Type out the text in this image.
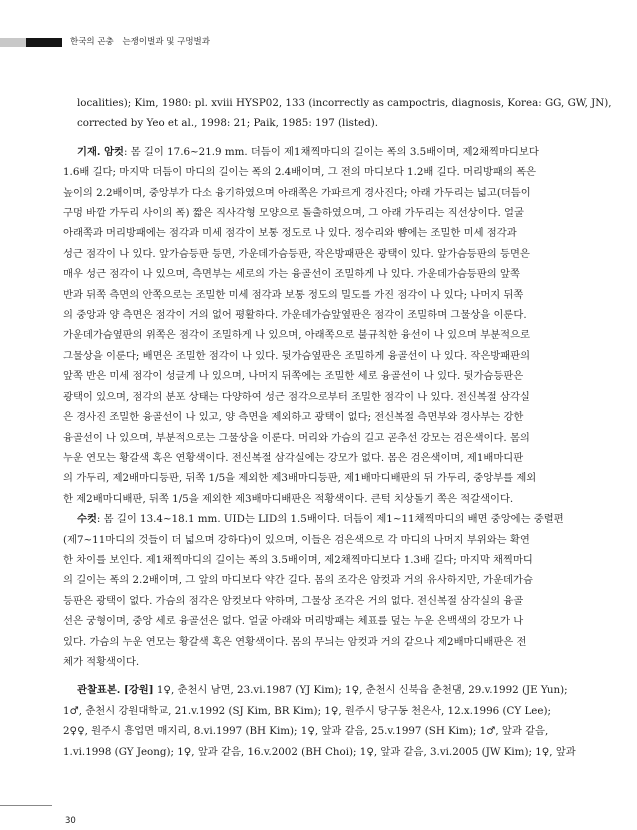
한국의 곤충 는쟁이벌과 및 구멍벌과
localities); Kim, 1980: pl. xviii HYSP02, 133 (incorrectly as campoctris, diagnosis, Korea: GG, GW, JN),
corrected by Yeo et al., 1998: 21; Paik, 1985: 197 (listed).
기재. 암컷: 몸 길이 17.6~21.9 mm. 더듬이 제1채찍마디의 길이는 폭의 3.5배이며, 제2채찍마디보다
1.6배 길다; 마지막 더듬이 마디의 길이는 폭의 2.4배이며, 그 전의 마디보다 1.2배 길다. 머리방패의 폭은
높이의 2.2배이며, 중앙부가 다소 융기하였으며 아래쪽은 가파르게 경사진다; 아래 가두리는 넓고(더듬이
구멍 바깥 가두리 사이의 폭) 짧은 직사각형 모양으로 돌출하였으며, 그 아래 가두리는 직선상이다. 얼굴
아래쪽과 머리방패에는 점각과 미세 점각이 보통 정도로 나 있다. 정수리와 뺨에는 조밀한 미세 점각과
성근 점각이 나 있다. 앞가슴등판 등면, 가운데가슴등판, 작은방패판은 광택이 있다. 앞가슴등판의 등면은
매우 성근 점각이 나 있으며, 측면부는 세로의 가는 융골선이 조밀하게 나 있다. 가운데가슴등판의 앞쪽
반과 뒤쪽 측면의 안쪽으로는 조밀한 미세 점각과 보통 정도의 밀도를 가진 점각이 나 있다; 나머지 뒤쪽
의 중앙과 양 측면은 점각이 거의 없어 평활하다. 가운데가슴앞옆판은 점각이 조밀하며 그물상을 이룬다.
가운데가슴옆판의 위쪽은 점각이 조밀하게 나 있으며, 아래쪽으로 불규칙한 융선이 나 있으며 부분적으로
그물상을 이룬다; 배면은 조밀한 점각이 나 있다. 뒷가슴옆판은 조밀하게 융골선이 나 있다. 작은방패판의
앞쪽 반은 미세 점각이 성글게 나 있으며, 나머지 뒤쪽에는 조밀한 세로 융골선이 나 있다. 뒷가슴등판은
광택이 있으며, 점각의 분포 상태는 다양하여 성근 점각으로부터 조밀한 점각이 나 있다. 전신복절 삼각실
은 경사진 조밀한 융골선이 나 있고, 양 측면을 제외하고 광택이 없다; 전신복절 측면부와 경사부는 강한
융골선이 나 있으며, 부분적으로는 그물상을 이룬다. 머리와 가슴의 길고 곧추선 강모는 검은색이다. 몸의
누운 연모는 황갈색 혹은 연황색이다. 전신복절 삼각실에는 강모가 없다. 몸은 검은색이며, 제1배마디판
의 가두리, 제2배마디등판, 뒤쪽 1/5을 제외한 제3배마디등판, 제1배마디배판의 뒤 가두리, 중앙부를 제외
한 제2배마디배판, 뒤쪽 1/5을 제외한 제3배마디배판은 적황색이다. 큰턱 치상돌기 쪽은 적갈색이다.
수컷: 몸 길이 13.4~18.1 mm. UID는 LID의 1.5배이다. 더듬이 제1~11채찍마디의 배면 중앙에는 중렬편
(제7~11마디의 것들이 더 넓으며 강하다)이 있으며, 이들은 검은색으로 각 마디의 나머지 부위와는 확연
한 차이를 보인다. 제1채찍마디의 길이는 폭의 3.5배이며, 제2채찍마디보다 1.3배 길다; 마지막 채찍마디
의 길이는 폭의 2.2배이며, 그 앞의 마디보다 약간 길다. 몸의 조각은 암컷과 거의 유사하지만, 가운데가슴
등판은 광택이 없다. 가슴의 점각은 암컷보다 약하며, 그물상 조각은 거의 없다. 전신복절 삼각실의 융골
선은 궁형이며, 중앙 세로 융골선은 없다. 얼굴 아래와 머리방패는 체표를 덮는 누운 은백색의 강모가 나
있다. 가슴의 누운 연모는 황갈색 혹은 연황색이다. 몸의 무늬는 암컷과 거의 같으나 제2배마디배판은 전
체가 적황색이다.
관찰표본. [강원] 1♀, 춘천시 남면, 23.vi.1987 (YJ Kim); 1♀, 춘천시 신북읍 춘천댐, 29.v.1992 (JE Yun);
1♂, 춘천시 강원대학교, 21.v.1992 (SJ Kim, BR Kim); 1♀, 원주시 당구동 천은사, 12.x.1996 (CY Lee);
2♀♀, 원주시 흥업면 매지리, 8.vi.1997 (BH Kim); 1♀, 앞과 같음, 25.v.1997 (SH Kim); 1♂, 앞과 같음,
1.vi.1998 (GY Jeong); 1♀, 앞과 같음, 16.v.2002 (BH Choi); 1♀, 앞과 같음, 3.vi.2005 (JW Kim); 1♀, 앞과
30
